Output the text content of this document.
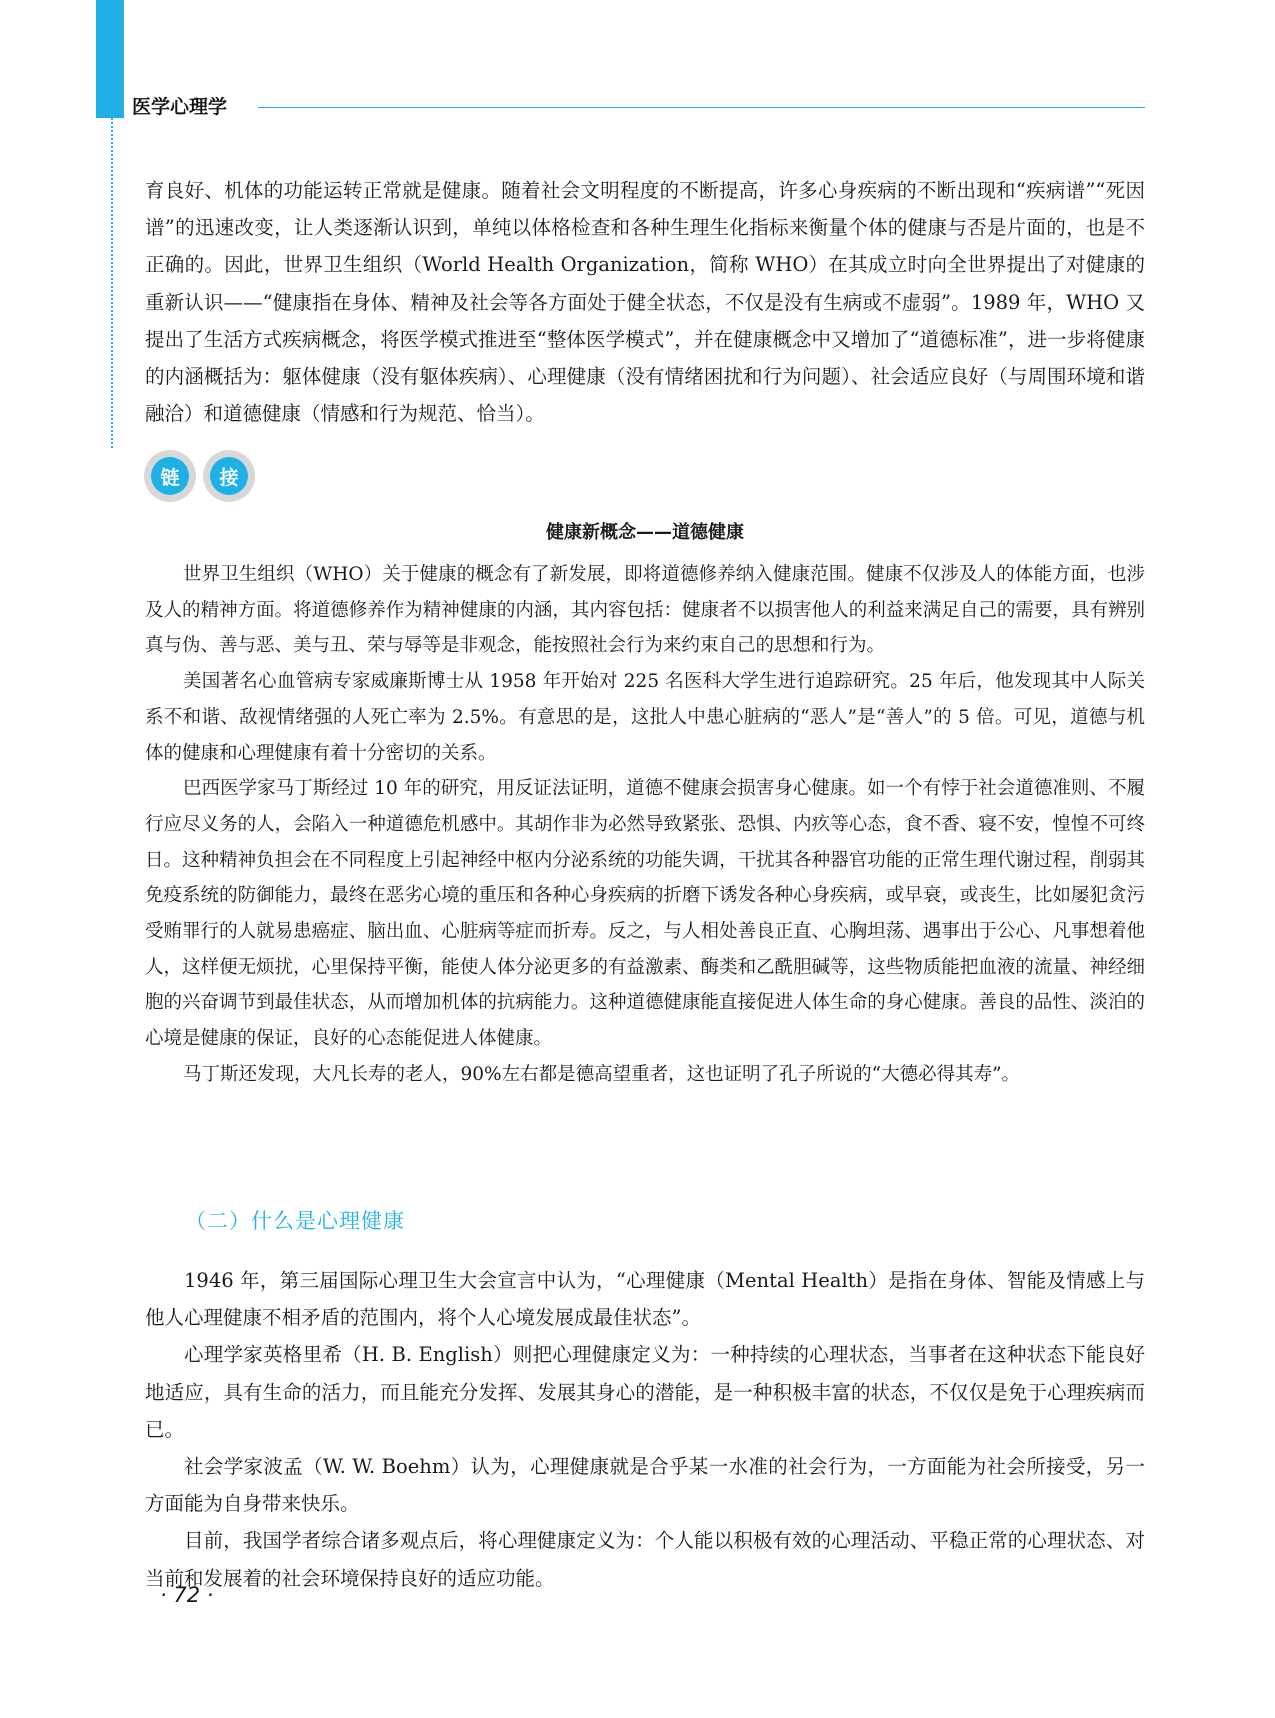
医学心理学

育良好、机体的功能运转正常就是健康。随着社会文明程度的不断提高，许多心身疾病的不断出现和“疾病谱”“死因谱”的迅速改变，让人类逐渐认识到，单纯以体格检查和各种生理生化指标来衡量个体的健康与否是片面的，也是不正确的。因此，世界卫生组织（World Health Organization，简称 WHO）在其成立时向全世界提出了对健康的重新认识——“健康指在身体、精神及社会等各方面处于健全状态，不仅是没有生病或不虚弱”。1989 年，WHO 又提出了生活方式疾病概念，将医学模式推进至“整体医学模式”，并在健康概念中又增加了“道德标准”，进一步将健康的内涵概括为：躯体健康（没有躯体疾病）、心理健康（没有情绪困扰和行为问题）、社会适应良好（与周围环境和谐融洽）和道德健康（情感和行为规范、恰当）。

链	接
健康新概念——道德健康

世界卫生组织（WHO）关于健康的概念有了新发展，即将道德修养纳入健康范围。健康不仅涉及人的体能方面，也涉及人的精神方面。将道德修养作为精神健康的内涵，其内容包括：健康者不以损害他人的利益来满足自己的需要，具有辨别真与伪、善与恶、美与丑、荣与辱等是非观念，能按照社会行为来约束自己的思想和行为。

美国著名心血管病专家威廉斯博士从 1958 年开始对 225 名医科大学生进行追踪研究。25 年后，他发现其中人际关系不和谐、敌视情绪强的人死亡率为 2.5%。有意思的是，这批人中患心脏病的“恶人”是“善人”的 5 倍。可见，道德与机体的健康和心理健康有着十分密切的关系。

巴西医学家马丁斯经过 10 年的研究，用反证法证明，道德不健康会损害身心健康。如一个有悖于社会道德准则、不履行应尽义务的人，会陷入一种道德危机感中。其胡作非为必然导致紧张、恐惧、内疚等心态，食不香、寝不安，惶惶不可终日。这种精神负担会在不同程度上引起神经中枢内分泌系统的功能失调，干扰其各种器官功能的正常生理代谢过程，削弱其免疫系统的防御能力，最终在恶劣心境的重压和各种心身疾病的折磨下诱发各种心身疾病，或早衰，或丧生，比如屡犯贪污受贿罪行的人就易患癌症、脑出血、心脏病等症而折寿。反之，与人相处善良正直、心胸坦荡、遇事出于公心、凡事想着他人，这样便无烦扰，心里保持平衡，能使人体分泌更多的有益激素、酶类和乙酰胆碱等，这些物质能把血液的流量、神经细胞的兴奋调节到最佳状态，从而增加机体的抗病能力。这种道德健康能直接促进人体生命的身心健康。善良的品性、淡泊的心境是健康的保证，良好的心态能促进人体健康。

马丁斯还发现，大凡长寿的老人，90%左右都是德高望重者，这也证明了孔子所说的“大德必得其寿”。

（二）什么是心理健康

1946 年，第三届国际心理卫生大会宣言中认为，“心理健康（Mental Health）是指在身体、智能及情感上与他人心理健康不相矛盾的范围内，将个人心境发展成最佳状态”。

心理学家英格里希（H. B. English）则把心理健康定义为：一种持续的心理状态，当事者在这种状态下能良好地适应，具有生命的活力，而且能充分发挥、发展其身心的潜能，是一种积极丰富的状态，不仅仅是免于心理疾病而已。

社会学家波孟（W. W. Boehm）认为，心理健康就是合乎某一水准的社会行为，一方面能为社会所接受，另一方面能为自身带来快乐。

目前，我国学者综合诸多观点后，将心理健康定义为：个人能以积极有效的心理活动、平稳正常的心理状态、对当前和发展着的社会环境保持良好的适应功能。

· 72 ·
